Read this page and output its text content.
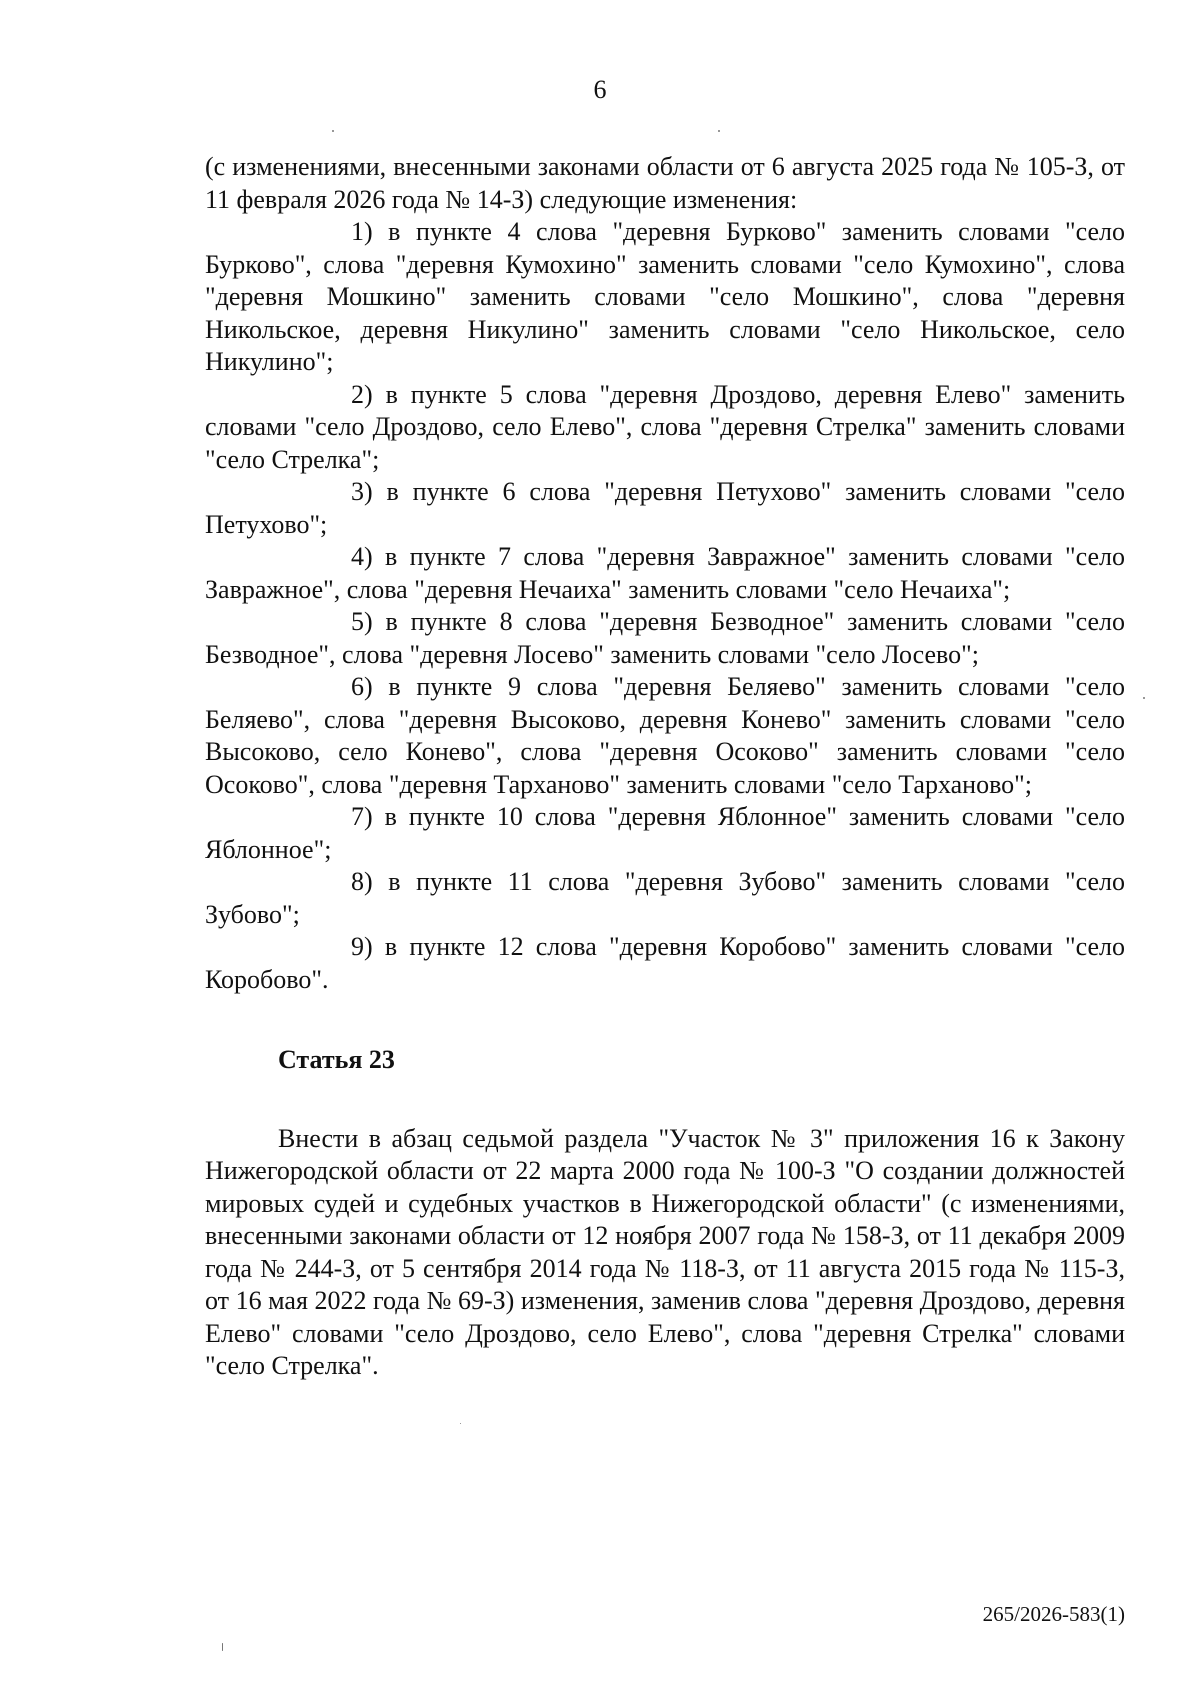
6

(с изменениями, внесенными законами области от 6 августа 2025 года № 105-З, от 11 февраля 2026 года № 14-З) следующие изменения:

1) в пункте 4 слова "деревня Бурково" заменить словами "село Бурково", слова "деревня Кумохино" заменить словами "село Кумохино", слова "деревня Мошкино" заменить словами "село Мошкино", слова "деревня Никольское, деревня Никулино" заменить словами "село Никольское, село Никулино";

2) в пункте 5 слова "деревня Дроздово, деревня Елево" заменить словами "село Дроздово, село Елево", слова "деревня Стрелка" заменить словами "село Стрелка";

3) в пункте 6 слова "деревня Петухово" заменить словами "село Петухово";

4) в пункте 7 слова "деревня Завражное" заменить словами "село Завражное", слова "деревня Нечаиха" заменить словами "село Нечаиха";

5) в пункте 8 слова "деревня Безводное" заменить словами "село Безводное", слова "деревня Лосево" заменить словами "село Лосево";

6) в пункте 9 слова "деревня Беляево" заменить словами "село Беляево", слова "деревня Высоково, деревня Конево" заменить словами "село Высоково, село Конево", слова "деревня Осоково" заменить словами "село Осоково", слова "деревня Тарханово" заменить словами "село Тарханово";

7) в пункте 10 слова "деревня Яблонное" заменить словами "село Яблонное";

8) в пункте 11 слова "деревня Зубово" заменить словами "село Зубово";

9) в пункте 12 слова "деревня Коробово" заменить словами "село Коробово".

Статья 23

Внести в абзац седьмой раздела "Участок № 3" приложения 16 к Закону Нижегородской области от 22 марта 2000 года № 100-З "О создании должностей мировых судей и судебных участков в Нижегородской области" (с изменениями, внесенными законами области от 12 ноября 2007 года № 158-З, от 11 декабря 2009 года № 244-З, от 5 сентября 2014 года № 118-З, от 11 августа 2015 года № 115-З, от 16 мая 2022 года № 69-З) изменения, заменив слова "деревня Дроздово, деревня Елево" словами "село Дроздово, село Елево", слова "деревня Стрелка" словами "село Стрелка".

265/2026-583(1)
